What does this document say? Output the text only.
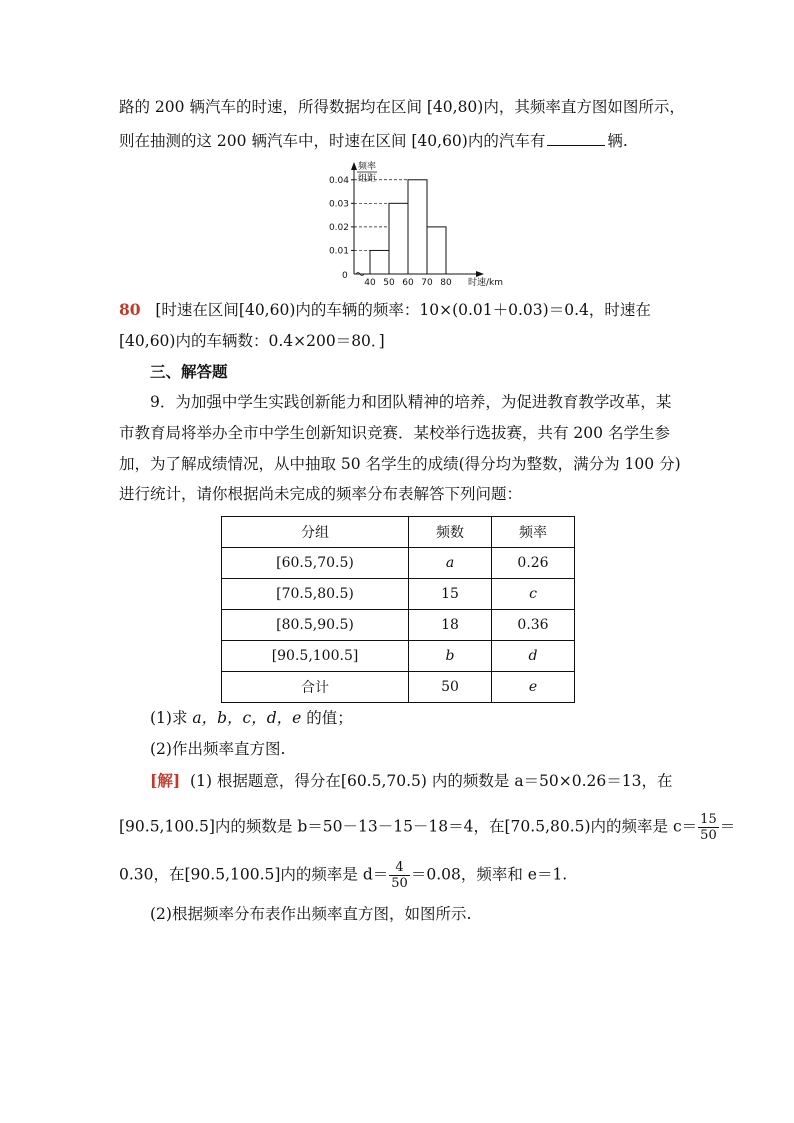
路的 200 辆汽车的时速，所得数据均在区间 [40,80)内，其频率直方图如图所示，
则在抽测的这 200 辆汽车中，时速在区间 [40,60)内的汽车有	辆.
频率
组距
时速/km
0
0.01
0.02
0.03
0.04
40 50 60 70 80
80 [时速在区间[40,60)内的车辆的频率：10×(0.01＋0.03)＝0.4，时速在
[40,60)内的车辆数：0.4×200＝80．]
三、解答题
9．为加强中学生实践创新能力和团队精神的培养，为促进教育教学改革，某
市教育局将举办全市中学生创新知识竞赛．某校举行选拔赛，共有 200 名学生参
加，为了解成绩情况，从中抽取 50 名学生的成绩(得分均为整数，满分为 100 分)
进行统计，请你根据尚未完成的频率分布表解答下列问题：
分组	频数	频率
[60.5,70.5)	a	0.26
[70.5,80.5)	15	c
[80.5,90.5)	18	0.36
[90.5,100.5]	b	d
合计	50	e
(1)求 a，b，c，d，e 的值；
(2)作出频率直方图.
[解] (1) 根据题意，得分在[60.5,70.5) 内的频数是 a＝50×0.26＝13，在
[90.5,100.5]内的频数是 b＝50－13－15－18＝4，在[70.5,80.5)内的频率是 $c= \frac{15}{50}$ ＝
0.30，在[90.5,100.5]内的频率是 $d= \frac{4}{50} =0.08$，频率和 e＝1.
(2)根据频率分布表作出频率直方图，如图所示.
